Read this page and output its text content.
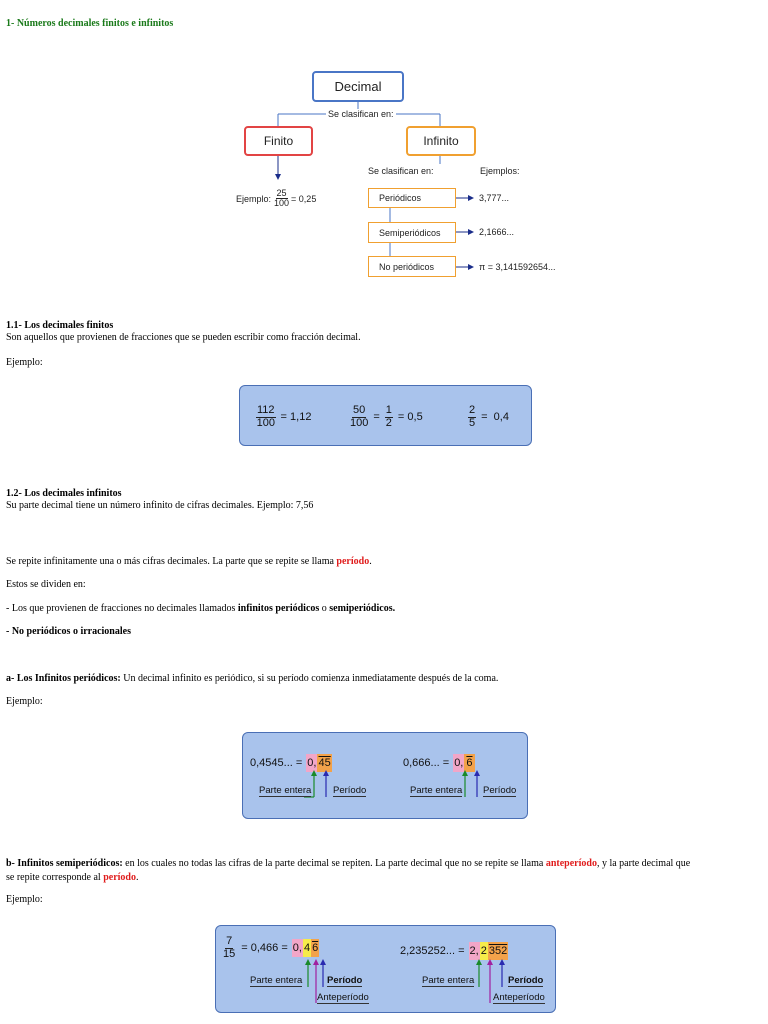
1- Números decimales finitos e infinitos
Decimal
Se clasifican en:
Finito	Infinito
Ejemplo: $\frac{25}{100} = 0,25$
Se clasifican en:	Ejemplos:
Periódicos
Semiperiódicos
No periódicos
3,777...
2,1666...
π = 3,141592654...
1.1- Los decimales finitos
Son aquellos que provienen de fracciones que se pueden escribir como fracción decimal.
Ejemplo:
$\frac{112}{100} = 1,12$	$\frac{50}{100} = \frac{1}{2} = 0,5$	$\frac{2}{5} = 0,4$
1.2- Los decimales infinitos
Su parte decimal tiene un número infinito de cifras decimales. Ejemplo: 7,56
Se repite infinitamente una o más cifras decimales. La parte que se repite se llama período.
Estos se dividen en:
- Los que provienen de fracciones no decimales llamados infinitos periódicos o semiperiódicos.
- No periódicos o irracionales
a- Los Infinitos periódicos: Un decimal infinito es periódico, si su período comienza inmediatamente después de la coma.
Ejemplo:
0,4545... = 0, 45	0,666... = 0, 6
Parte entera Período	Parte entera Período
b- Infinitos semiperiódicos: en los cuales no todas las cifras de la parte decimal se repiten. La parte decimal que no se repite se llama anteperíodo, y la parte decimal que
se repite corresponde al período.
Ejemplo:
$\frac{7}{15} = 0,466 = 0$, 4 6	2,235252... = 2, 2 352
Parte entera	Período
Anteperíodo
Parte entera	Período
Anteperíodo
